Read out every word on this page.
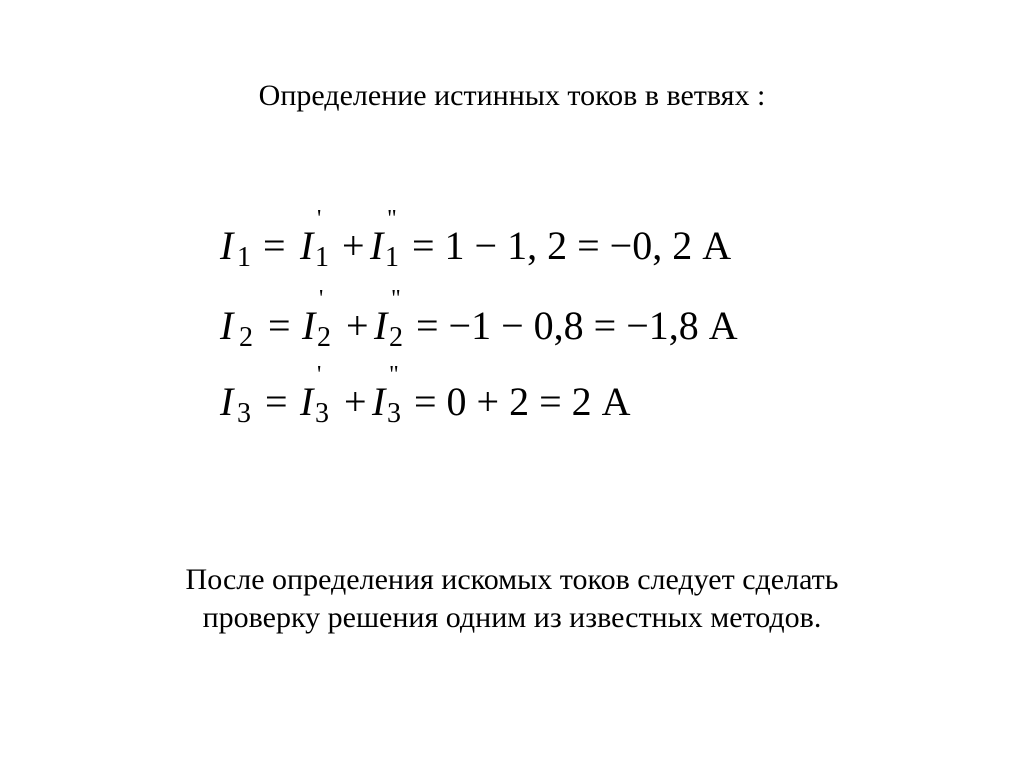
Определение истинных токов в ветвях :
I 1 = I
'
1 + I
"
1 = 1 − 1, 2 = −0, 2 А
I 2 = I
'
2 + I
"
2 = −1 − 0,8 = −1,8 А
I 3 = I
'
3 + I
"
3 = 0 + 2 = 2 А
После определения искомых токов следует сделать
проверку решения одним из известных методов.
